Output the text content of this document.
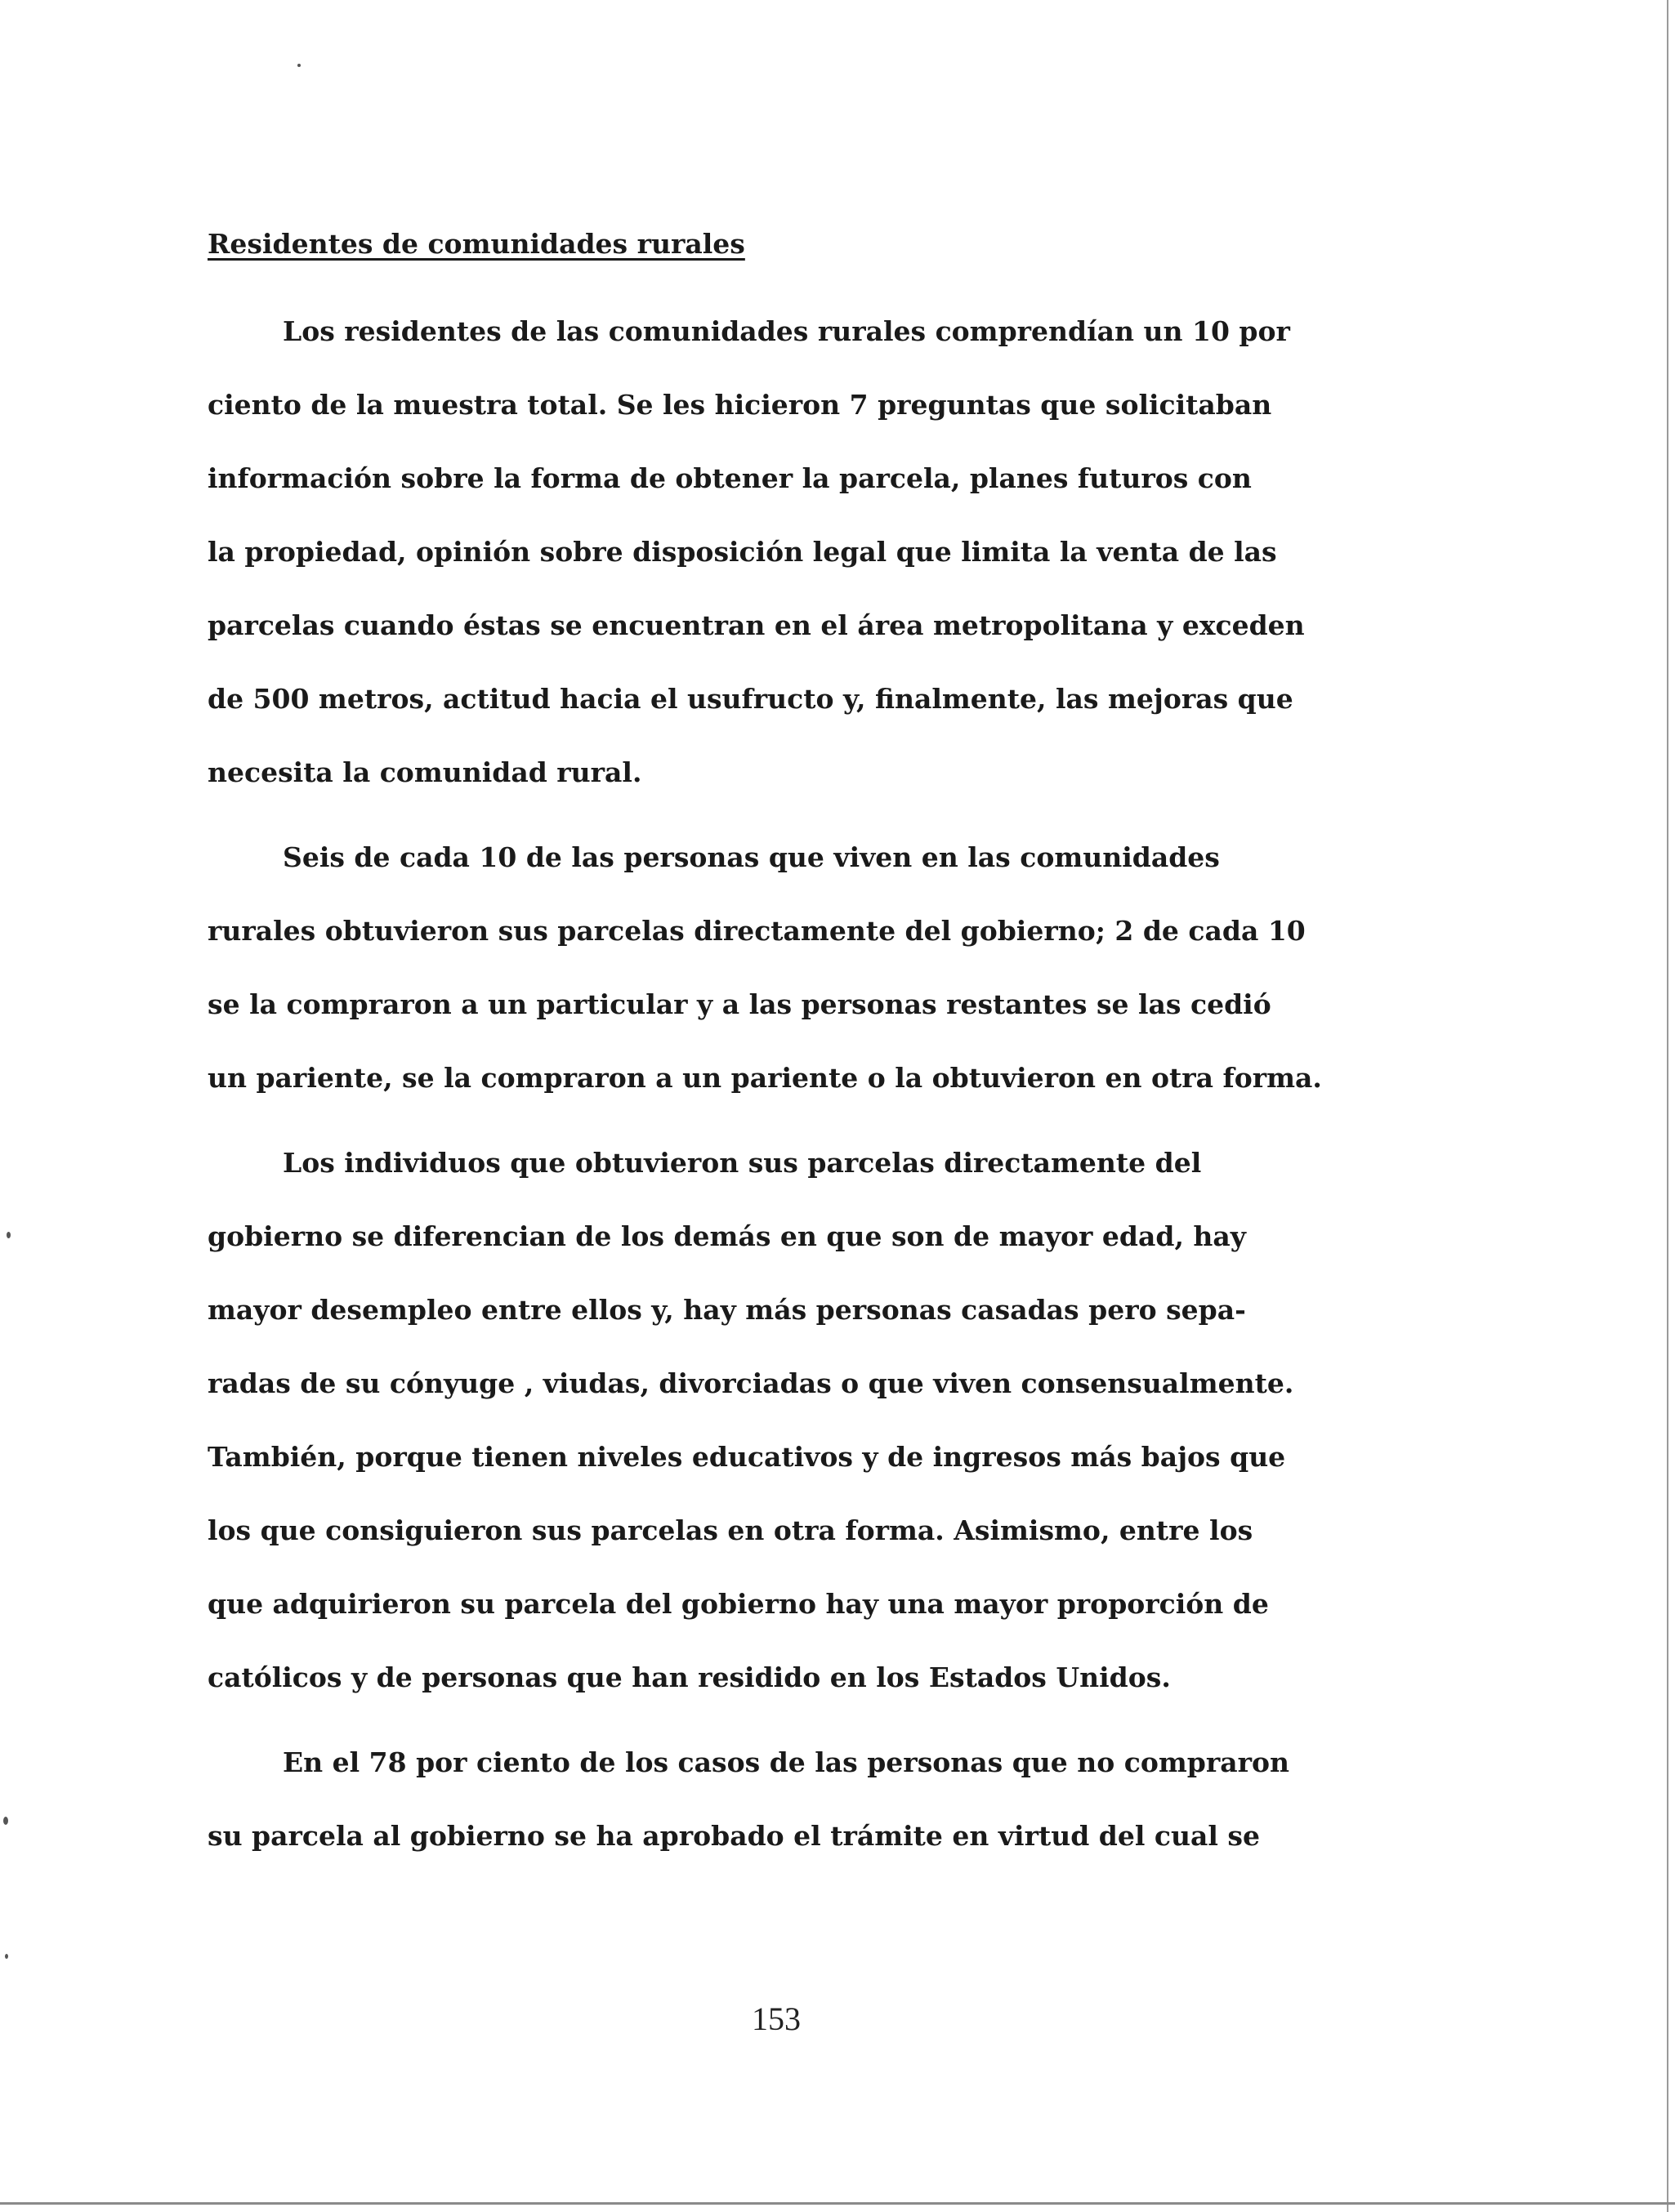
Residentes de comunidades rurales
Los residentes de las comunidades rurales comprendían un 10 por
ciento de la muestra total. Se les hicieron 7 preguntas que solicitaban
información sobre la forma de obtener la parcela, planes futuros con
la propiedad, opinión sobre disposición legal que limita la venta de las
parcelas cuando éstas se encuentran en el área metropolitana y exceden
de 500 metros, actitud hacia el usufructo y, finalmente, las mejoras que
necesita la comunidad rural.
Seis de cada 10 de las personas que viven en las comunidades
rurales obtuvieron sus parcelas directamente del gobierno; 2 de cada 10
se la compraron a un particular y a las personas restantes se las cedió
un pariente, se la compraron a un pariente o la obtuvieron en otra forma.
Los individuos que obtuvieron sus parcelas directamente del
gobierno se diferencian de los demás en que son de mayor edad, hay
mayor desempleo entre ellos y, hay más personas casadas pero sepa-
radas de su cónyuge , viudas, divorciadas o que viven consensualmente.
También, porque tienen niveles educativos y de ingresos más bajos que
los que consiguieron sus parcelas en otra forma. Asimismo, entre los
que adquirieron su parcela del gobierno hay una mayor proporción de
católicos y de personas que han residido en los Estados Unidos.
En el 78 por ciento de los casos de las personas que no compraron
su parcela al gobierno se ha aprobado el trámite en virtud del cual se
153
